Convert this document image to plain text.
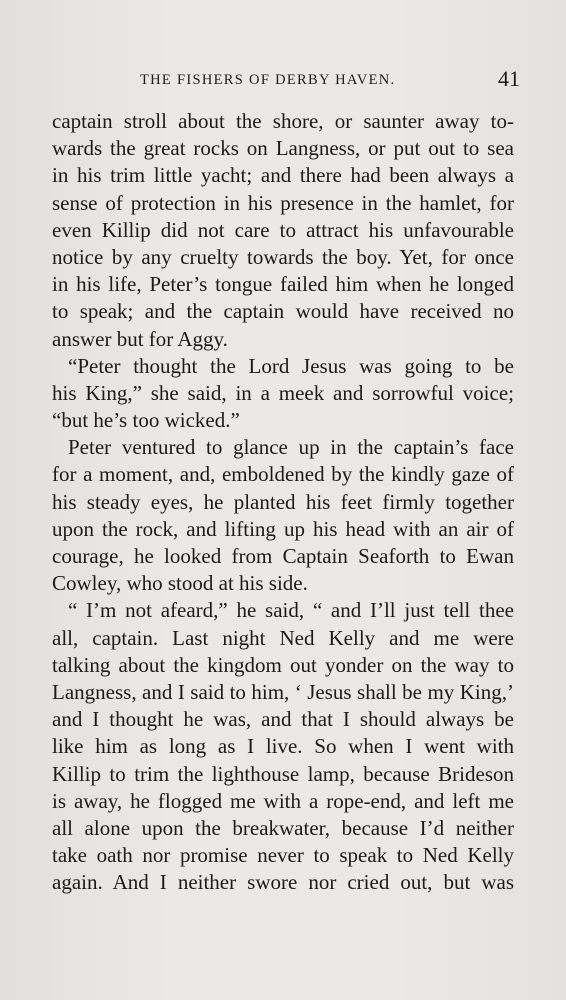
THE FISHERS OF DERBY HAVEN.	41
captain stroll about the shore, or saunter away to-
wards the great rocks on Langness, or put out to sea
in his trim little yacht; and there had been always a
sense of protection in his presence in the hamlet, for
even Killip did not care to attract his unfavourable
notice by any cruelty towards the boy. Yet, for once
in his life, Peter’s tongue failed him when he longed
to speak; and the captain would have received no
answer but for Aggy.
“Peter thought the Lord Jesus was going to be
his King,” she said, in a meek and sorrowful voice;
“but he’s too wicked.”
Peter ventured to glance up in the captain’s face
for a moment, and, emboldened by the kindly gaze of
his steady eyes, he planted his feet firmly together
upon the rock, and lifting up his head with an air of
courage, he looked from Captain Seaforth to Ewan
Cowley, who stood at his side.
“ I’m not afeard,” he said, “ and I’ll just tell thee
all, captain. Last night Ned Kelly and me were
talking about the kingdom out yonder on the way to
Langness, and I said to him, ‘ Jesus shall be my King,’
and I thought he was, and that I should always be
like him as long as I live. So when I went with
Killip to trim the lighthouse lamp, because Brideson
is away, he flogged me with a rope-end, and left me
all alone upon the breakwater, because I’d neither
take oath nor promise never to speak to Ned Kelly
again. And I neither swore nor cried out, but was
